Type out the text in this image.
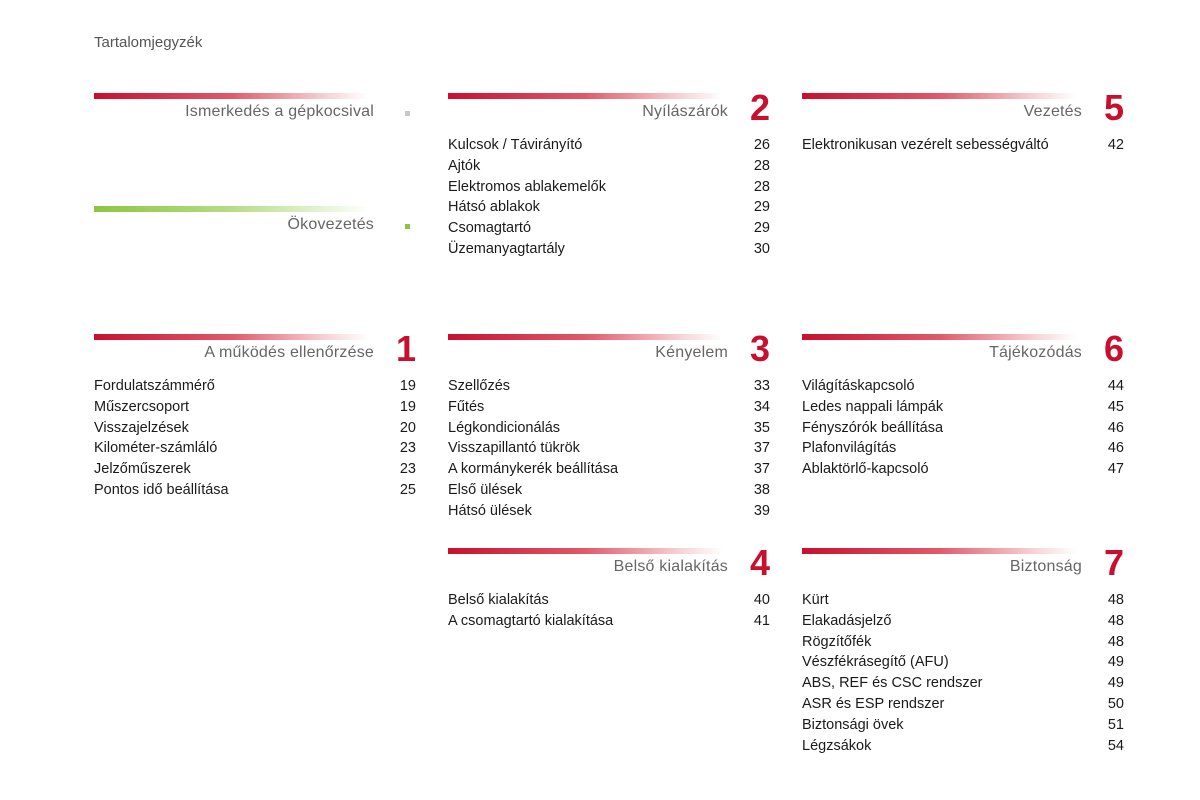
Tartalomjegyzék
Ismerkedés a gépkocsival
Ökovezetés
A működés ellenőrzése 1
Fordulatszámmérő	19
Műszercsoport	19
Visszajelzések	20
Kilométer-számláló	23
Jelzőműszerek	23
Pontos idő beállítása	25
Nyílászárók 2
Kulcsok / Távirányító	26
Ajtók	28
Elektromos ablakemelők	28
Hátsó ablakok	29
Csomagtartó	29
Üzemanyagtartály	30
Kényelem 3
Szellőzés	33
Fűtés	34
Légkondicionálás	35
Visszapillantó tükrök	37
A kormánykerék beállítása	37
Első ülések	38
Hátsó ülések	39
Belső kialakítás 4
Belső kialakítás	40
A csomagtartó kialakítása	41
Vezetés 5
Elektronikusan vezérelt sebességváltó	42
Tájékozódás 6
Világításkapcsoló	44
Ledes nappali lámpák	45
Fényszórók beállítása	46
Plafonvilágítás	46
Ablaktörlő-kapcsoló	47
Biztonság 7
Kürt	48
Elakadásjelző	48
Rögzítőfék	48
Vészfékrásegítő (AFU)	49
ABS, REF és CSC rendszer	49
ASR és ESP rendszer	50
Biztonsági övek	51
Légzsákok	54
